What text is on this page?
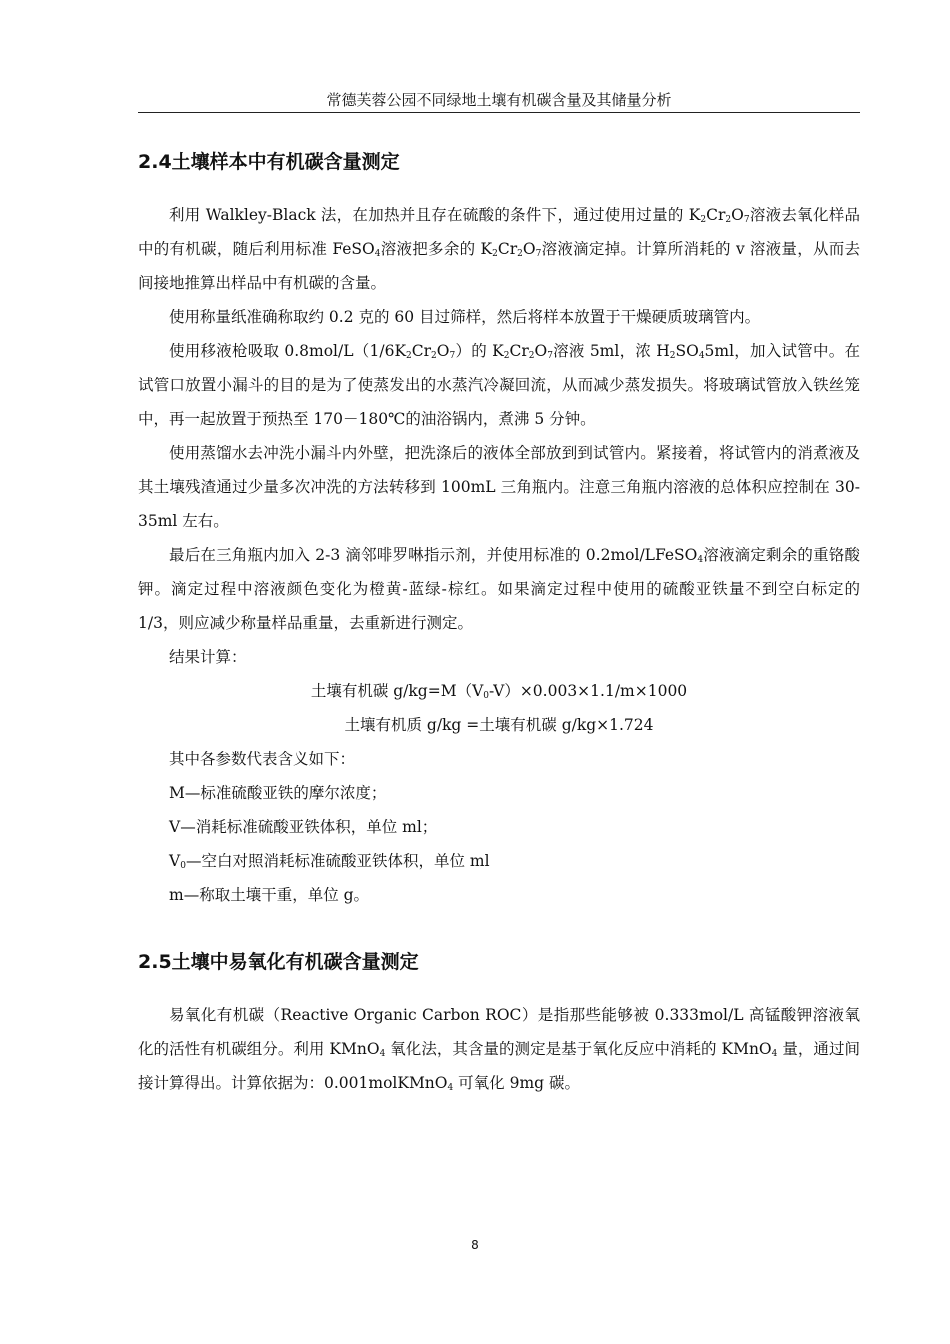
常德芙蓉公园不同绿地土壤有机碳含量及其储量分析
2.4土壤样本中有机碳含量测定

利用 Walkley-Black 法，在加热并且存在硫酸的条件下，通过使用过量的 $K_2Cr_2O_7$溶液去氧化样品中的有机碳，随后利用标准 FeSO$_4$溶液把多余的 $K_2Cr_2O_7$溶液滴定掉。计算所消耗的 v 溶液量，从而去间接地推算出样品中有机碳的含量。

使用称量纸准确称取约 0.2 克的 60 目过筛样，然后将样本放置于干燥硬质玻璃管内。

使用移液枪吸取 $0.8mol/L(1/6K_2Cr_2O_7)$的 $K_2Cr_2O_7$溶液 5ml，浓 $H_2SO_45ml$，加入试管中。在试管口放置小漏斗的目的是为了使蒸发出的水蒸汽冷凝回流，从而减少蒸发损失。将玻璃试管放入铁丝笼中，再一起放置于预热至 170－180℃的油浴锅内，煮沸 5 分钟。

使用蒸馏水去冲洗小漏斗内外壁，把洗涤后的液体全部放到到试管内。紧接着，将试管内的消煮液及其土壤残渣通过少量多次冲洗的方法转移到 100mL 三角瓶内。注意三角瓶内溶液的总体积应控制在 30-35ml 左右。

最后在三角瓶内加入 2-3 滴邻啡罗啉指示剂，并使用标准的 0.2mol/LFeSO$_4$溶液滴定剩余的重铬酸钾。滴定过程中溶液颜色变化为橙黄-蓝绿-棕红。如果滴定过程中使用的硫酸亚铁量不到空白标定的 1/3，则应减少称量样品重量，去重新进行测定。

结果计算：

土壤有机碳 $g/kg=M(V_0-V)\times 0.003\times 1.1/m\times 1000$

土壤有机质 g/kg =土壤有机碳 g/kg×1.724

其中各参数代表含义如下：

M—标准硫酸亚铁的摩尔浓度；

V—消耗标准硫酸亚铁体积，单位 ml；

$V_0—$空白对照消耗标准硫酸亚铁体积，单位 ml

m—称取土壤干重，单位 g。

2.5土壤中易氧化有机碳含量测定

易氧化有机碳（Reactive Organic Carbon ROC）是指那些能够被 0.333mol/L 高锰酸钾溶液氧化的活性有机碳组分。利用 KMnO$_4$ 氧化法，其含量的测定是基于氧化反应中消耗的 KMnO$_4$ 量，通过间接计算得出。计算依据为：0.001molKMnO$_4$ 可氧化 9mg 碳。

8
